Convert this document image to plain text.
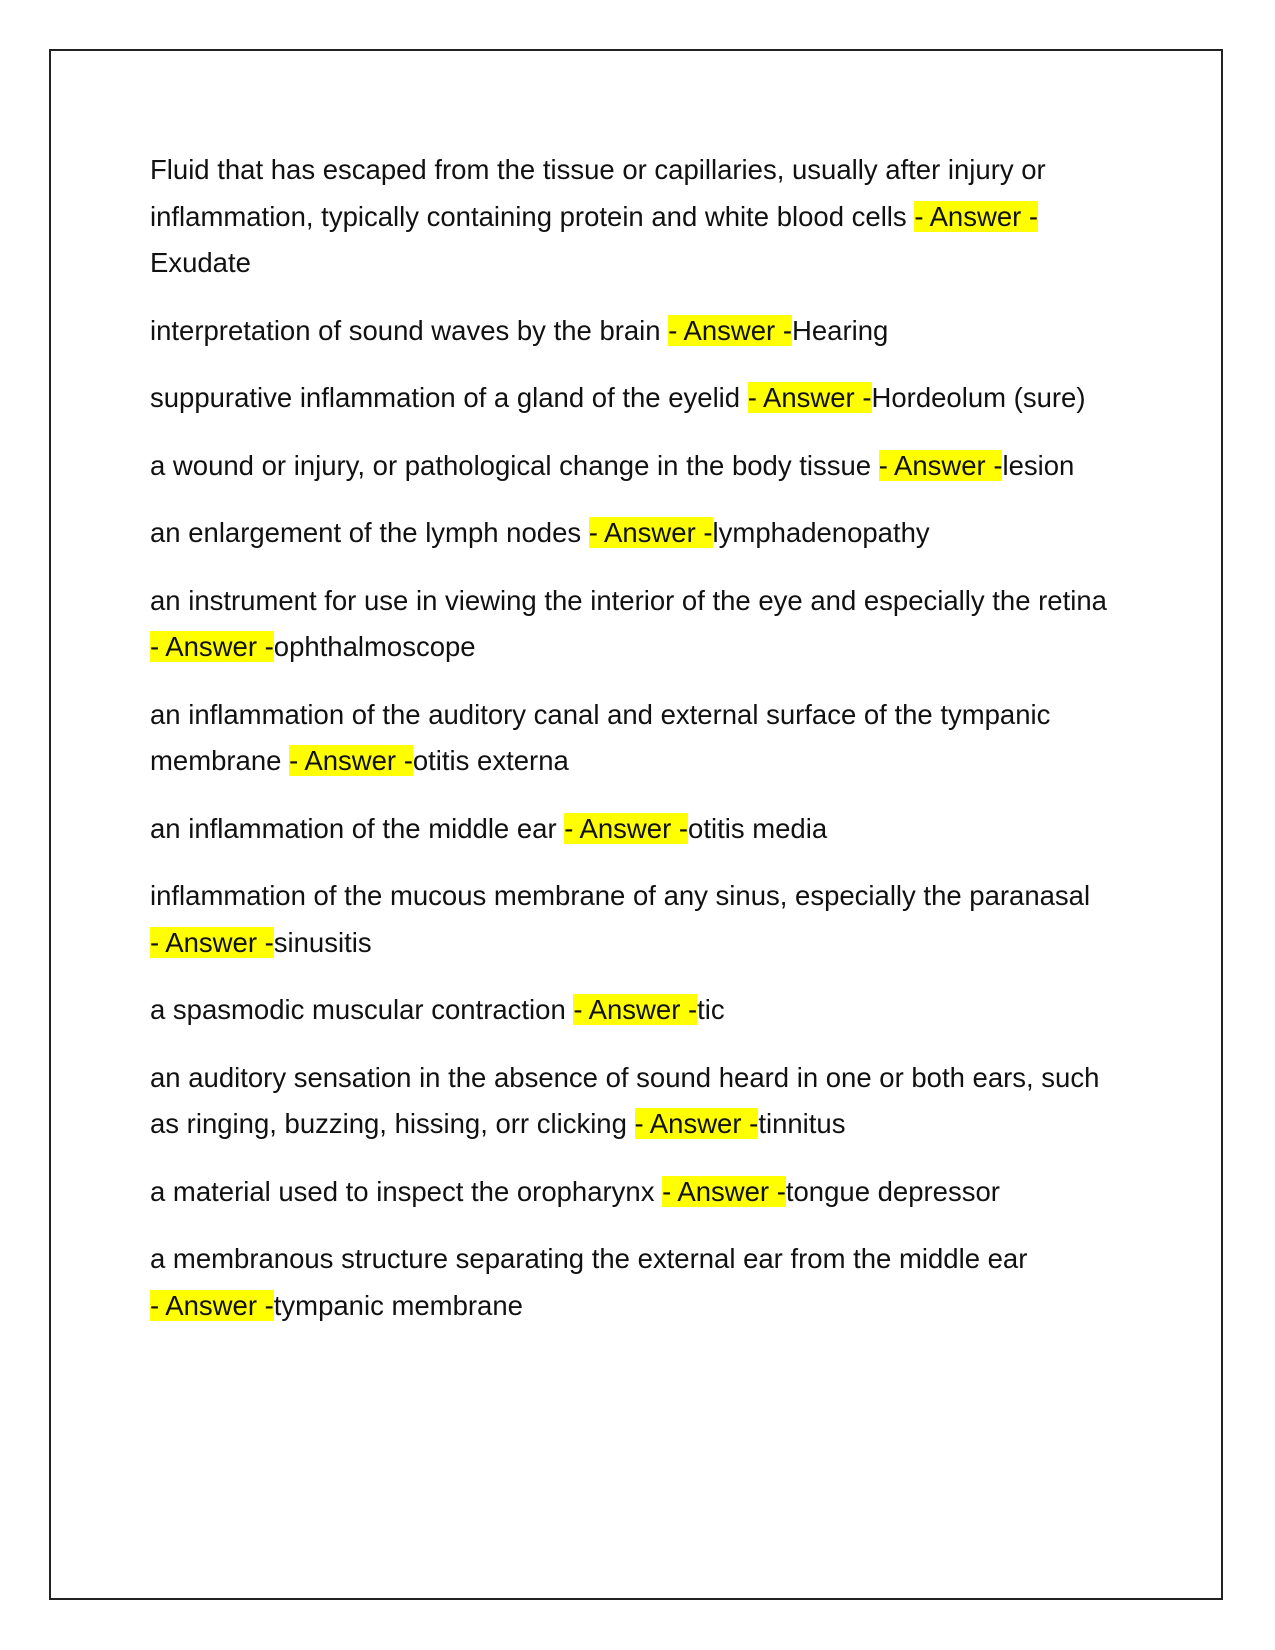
Fluid that has escaped from the tissue or capillaries, usually after injury or inflammation, typically containing protein and white blood cells - Answer -Exudate

interpretation of sound waves by the brain - Answer -Hearing

suppurative inflammation of a gland of the eyelid - Answer -Hordeolum (sure)

a wound or injury, or pathological change in the body tissue - Answer -lesion

an enlargement of the lymph nodes - Answer -lymphadenopathy

an instrument for use in viewing the interior of the eye and especially the retina - Answer -ophthalmoscope

an inflammation of the auditory canal and external surface of the tympanic membrane - Answer -otitis externa

an inflammation of the middle ear - Answer -otitis media

inflammation of the mucous membrane of any sinus, especially the paranasal - Answer -sinusitis

a spasmodic muscular contraction - Answer -tic

an auditory sensation in the absence of sound heard in one or both ears, such as ringing, buzzing, hissing, orr clicking - Answer -tinnitus

a material used to inspect the oropharynx - Answer -tongue depressor

a membranous structure separating the external ear from the middle ear - Answer -tympanic membrane
